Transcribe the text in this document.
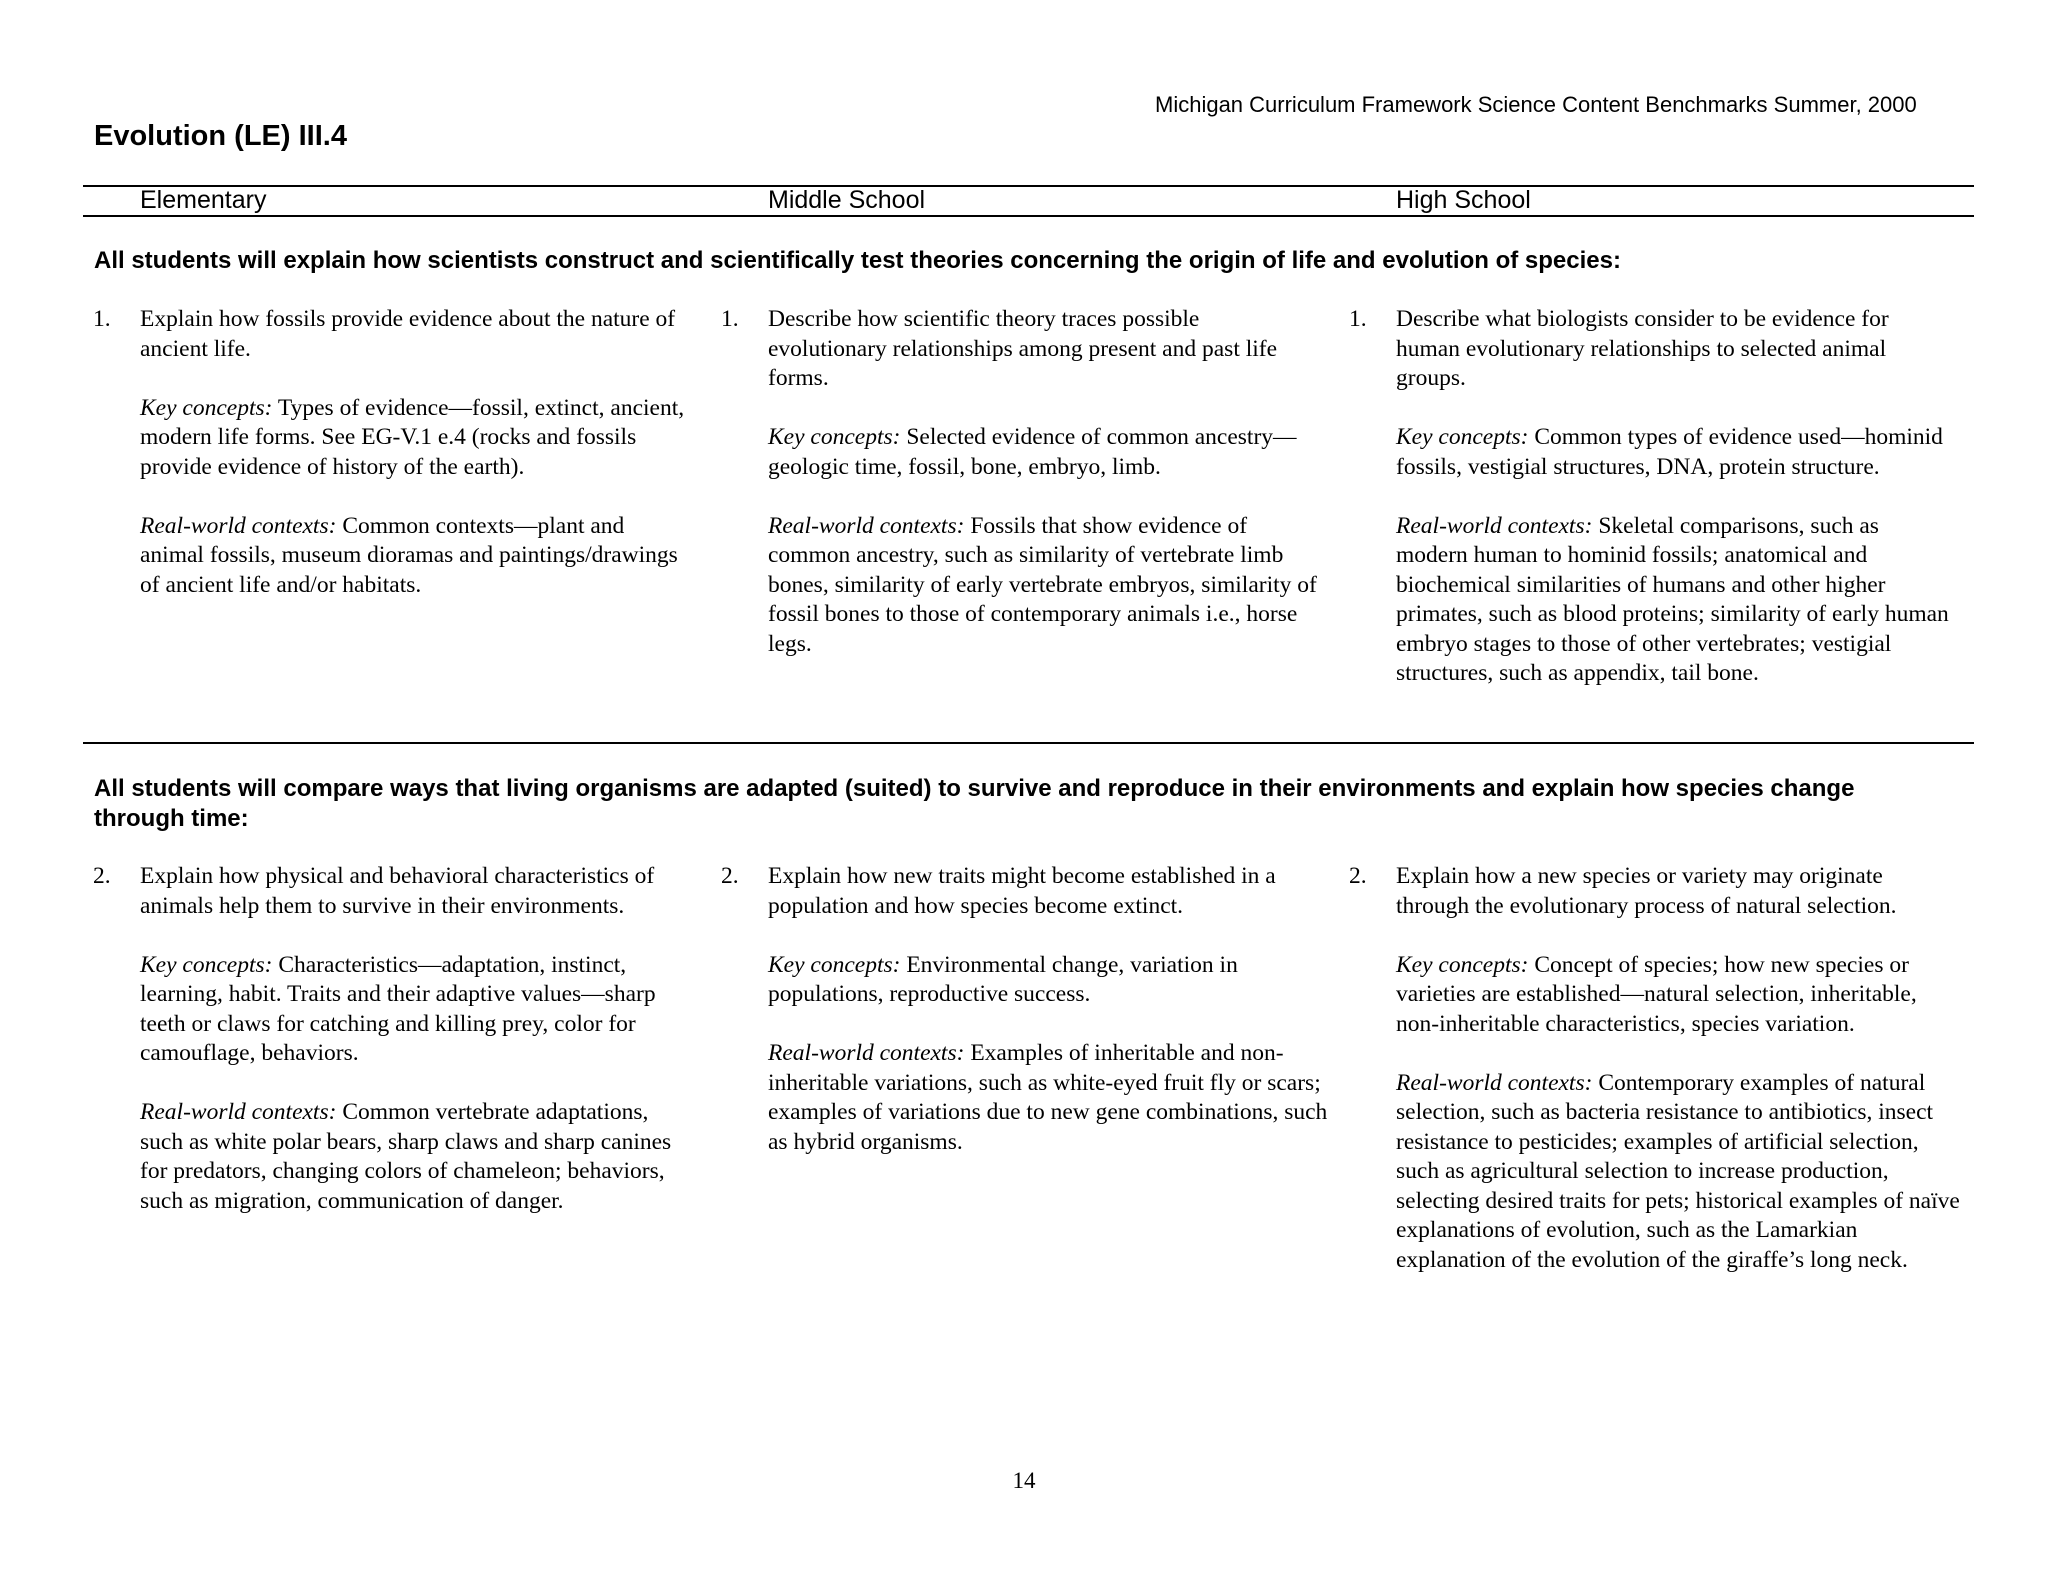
Michigan Curriculum Framework Science Content Benchmarks Summer, 2000
Evolution (LE) III.4
Elementary	Middle School	High School
All students will explain how scientists construct and scientifically test theories concerning the origin of life and evolution of species:
1. Explain how fossils provide evidence about the nature of ancient life.

Key concepts: Types of evidence—fossil, extinct, ancient, modern life forms. See EG-V.1 e.4 (rocks and fossils provide evidence of history of the earth).

Real-world contexts: Common contexts—plant and animal fossils, museum dioramas and paintings/drawings of ancient life and/or habitats.

1. Describe how scientific theory traces possible evolutionary relationships among present and past life forms.

Key concepts: Selected evidence of common ancestry—geologic time, fossil, bone, embryo, limb.

Real-world contexts: Fossils that show evidence of common ancestry, such as similarity of vertebrate limb bones, similarity of early vertebrate embryos, similarity of fossil bones to those of contemporary animals i.e., horse legs.

1. Describe what biologists consider to be evidence for human evolutionary relationships to selected animal groups.

Key concepts: Common types of evidence used—hominid fossils, vestigial structures, DNA, protein structure.

Real-world contexts: Skeletal comparisons, such as modern human to hominid fossils; anatomical and biochemical similarities of humans and other higher primates, such as blood proteins; similarity of early human embryo stages to those of other vertebrates; vestigial structures, such as appendix, tail bone.

All students will compare ways that living organisms are adapted (suited) to survive and reproduce in their environments and explain how species change through time:
2. Explain how physical and behavioral characteristics of animals help them to survive in their environments.

Key concepts: Characteristics—adaptation, instinct, learning, habit. Traits and their adaptive values—sharp teeth or claws for catching and killing prey, color for camouflage, behaviors.

Real-world contexts: Common vertebrate adaptations, such as white polar bears, sharp claws and sharp canines for predators, changing colors of chameleon; behaviors, such as migration, communication of danger.

2. Explain how new traits might become established in a population and how species become extinct.

Key concepts: Environmental change, variation in populations, reproductive success.

Real-world contexts: Examples of inheritable and non-inheritable variations, such as white-eyed fruit fly or scars; examples of variations due to new gene combinations, such as hybrid organisms.

2. Explain how a new species or variety may originate through the evolutionary process of natural selection.

Key concepts: Concept of species; how new species or varieties are established—natural selection, inheritable, non-inheritable characteristics, species variation.

Real-world contexts: Contemporary examples of natural selection, such as bacteria resistance to antibiotics, insect resistance to pesticides; examples of artificial selection, such as agricultural selection to increase production, selecting desired traits for pets; historical examples of naïve explanations of evolution, such as the Lamarkian explanation of the evolution of the giraffe’s long neck.

14
